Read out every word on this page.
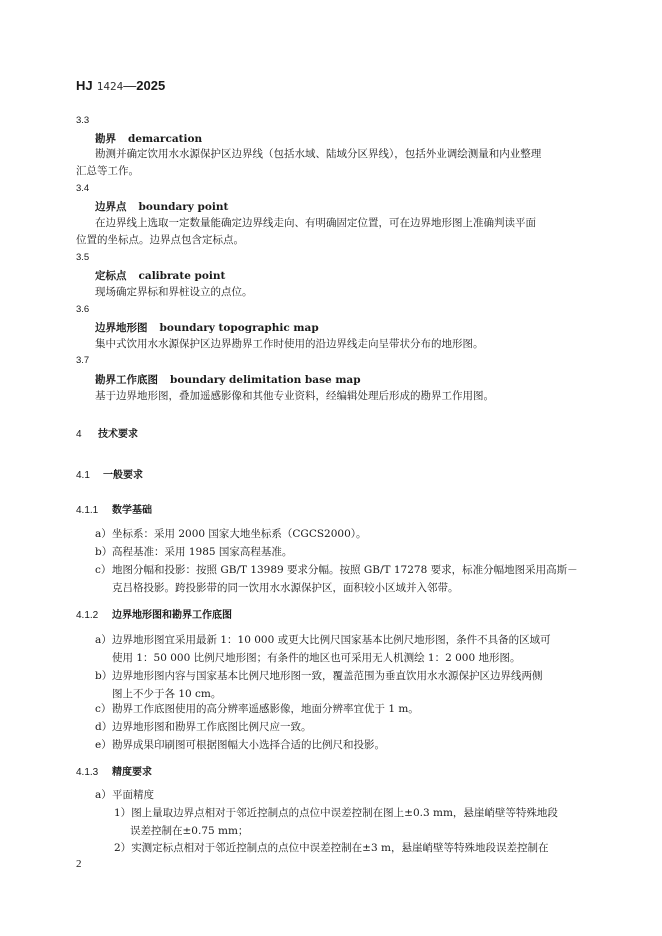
HJ 1424—2025
3.3
勘界 demarcation
勘测并确定饮用水水源保护区边界线（包括水域、陆域分区界线），包括外业调绘测量和内业整理
汇总等工作。
3.4
边界点 boundary point
在边界线上选取一定数量能确定边界线走向、有明确固定位置，可在边界地形图上准确判读平面
位置的坐标点。边界点包含定标点。
3.5
定标点 calibrate point
现场确定界标和界桩设立的点位。
3.6
边界地形图 boundary topographic map
集中式饮用水水源保护区边界勘界工作时使用的沿边界线走向呈带状分布的地形图。
3.7
勘界工作底图 boundary delimitation base map
基于边界地形图，叠加遥感影像和其他专业资料，经编辑处理后形成的勘界工作用图。
4 技术要求
4.1 一般要求
4.1.1 数学基础
a）坐标系：采用 2000 国家大地坐标系（CGCS2000）。
b）高程基准：采用 1985 国家高程基准。
c）地图分幅和投影：按照 GB/T 13989 要求分幅。按照 GB/T 17278 要求，标准分幅地图采用高斯－
克吕格投影。跨投影带的同一饮用水水源保护区，面积较小区域并入邻带。
4.1.2 边界地形图和勘界工作底图
a）边界地形图宜采用最新 1：10 000 或更大比例尺国家基本比例尺地形图，条件不具备的区域可
使用 1：50 000 比例尺地形图；有条件的地区也可采用无人机测绘 1：2 000 地形图。
b）边界地形图内容与国家基本比例尺地形图一致，覆盖范围为垂直饮用水水源保护区边界线两侧
图上不少于各 10 cm。
c）勘界工作底图使用的高分辨率遥感影像，地面分辨率宜优于 1 m。
d）边界地形图和勘界工作底图比例尺应一致。
e）勘界成果印刷图可根据图幅大小选择合适的比例尺和投影。
4.1.3 精度要求
a）平面精度
1）图上量取边界点相对于邻近控制点的点位中误差控制在图上±0.3 mm，悬崖峭壁等特殊地段
误差控制在±0.75 mm；
2）实测定标点相对于邻近控制点的点位中误差控制在±3 m，悬崖峭壁等特殊地段误差控制在
2
